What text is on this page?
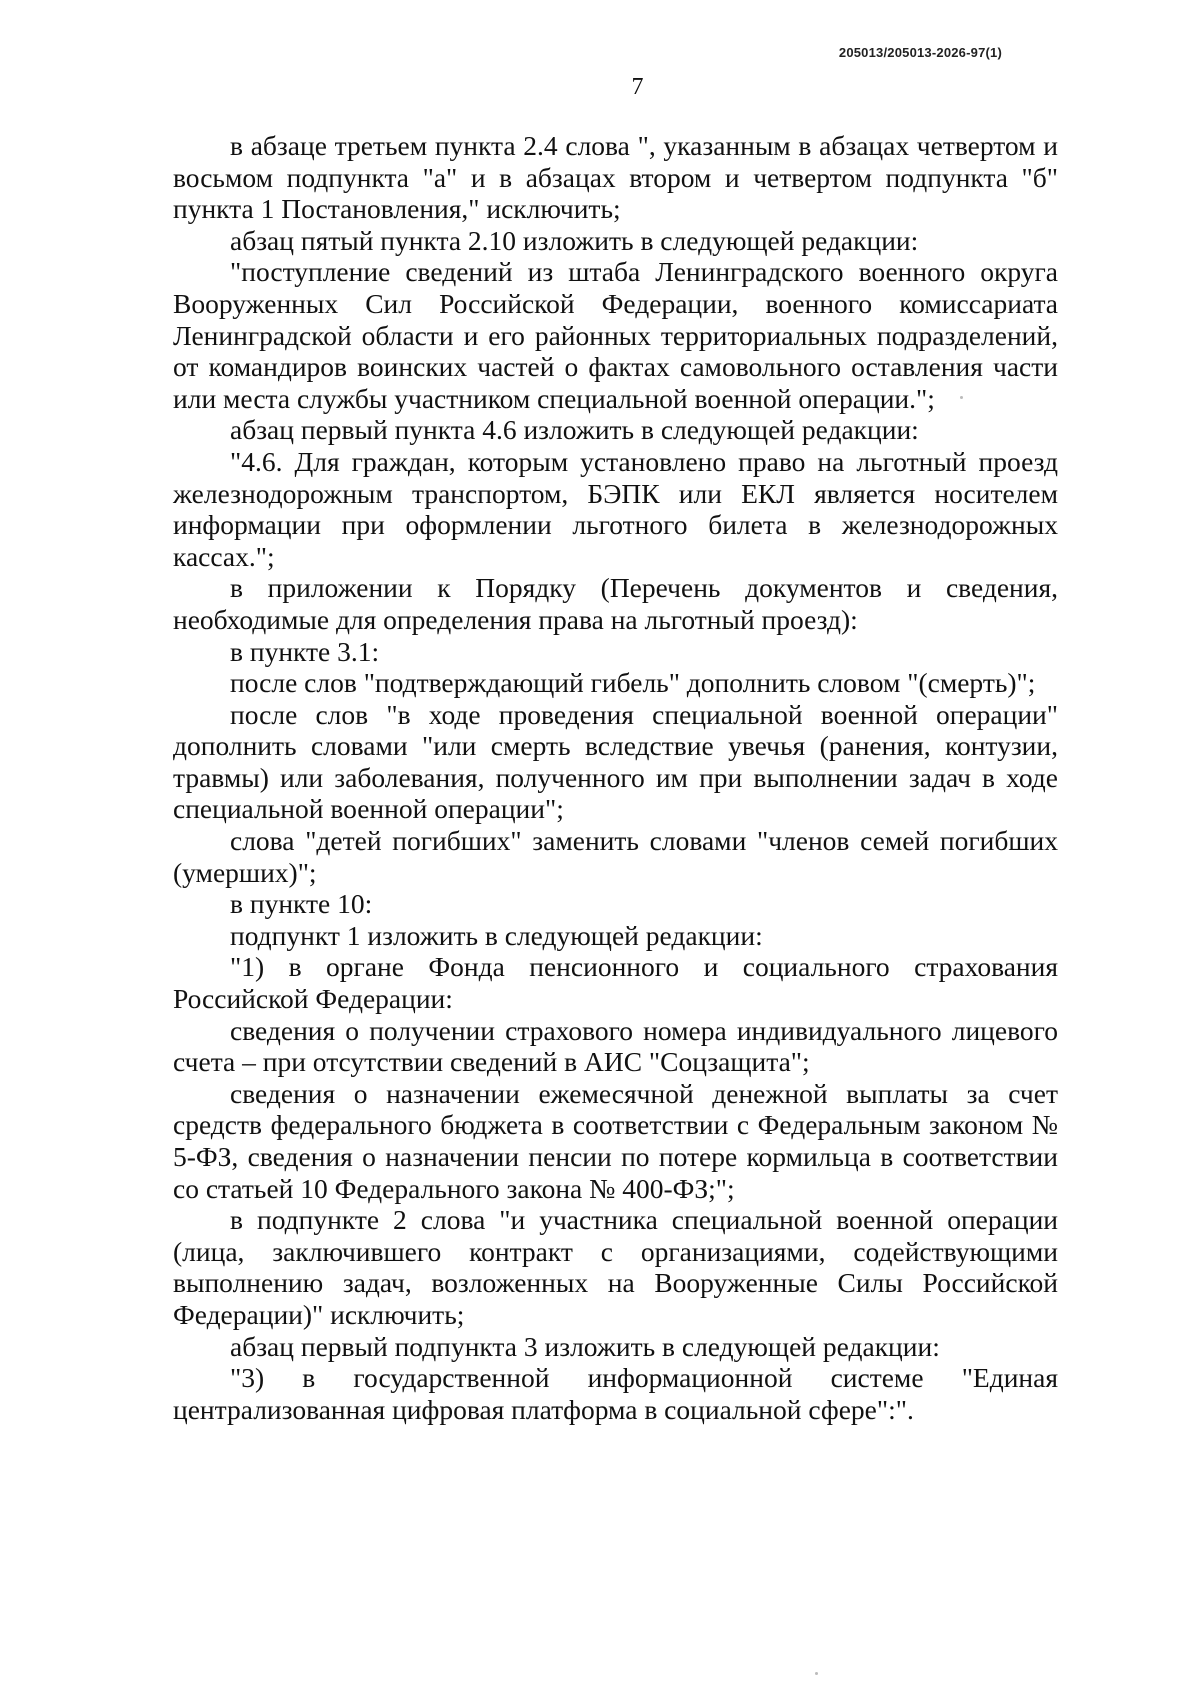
205013/205013-2026-97(1)
7

в абзаце третьем пункта 2.4 слова ", указанным в абзацах четвертом и восьмом подпункта "а" и в абзацах втором и четвертом подпункта "б" пункта 1 Постановления," исключить;

абзац пятый пункта 2.10 изложить в следующей редакции:

"поступление сведений из штаба Ленинградского военного округа Вооруженных Сил Российской Федерации, военного комиссариата Ленинградской области и его районных территориальных подразделений, от командиров воинских частей о фактах самовольного оставления части или места службы участником специальной военной операции.";

абзац первый пункта 4.6 изложить в следующей редакции:

"4.6. Для граждан, которым установлено право на льготный проезд железнодорожным транспортом, БЭПК или ЕКЛ является носителем информации при оформлении льготного билета в железнодорожных кассах.";

в приложении к Порядку (Перечень документов и сведения, необходимые для определения права на льготный проезд):

в пункте 3.1:

после слов "подтверждающий гибель" дополнить словом "(смерть)";

после слов "в ходе проведения специальной военной операции" дополнить словами "или смерть вследствие увечья (ранения, контузии, травмы) или заболевания, полученного им при выполнении задач в ходе специальной военной операции";

слова "детей погибших" заменить словами "членов семей погибших (умерших)";

в пункте 10:

подпункт 1 изложить в следующей редакции:

"1) в органе Фонда пенсионного и социального страхования Российской Федерации:

сведения о получении страхового номера индивидуального лицевого счета – при отсутствии сведений в АИС "Соцзащита";

сведения о назначении ежемесячной денежной выплаты за счет средств федерального бюджета в соответствии с Федеральным законом № 5-ФЗ, сведения о назначении пенсии по потере кормильца в соответствии со статьей 10 Федерального закона № 400-ФЗ;";

в подпункте 2 слова "и участника специальной военной операции (лица, заключившего контракт с организациями, содействующими выполнению задач, возложенных на Вооруженные Силы Российской Федерации)" исключить;

абзац первый подпункта 3 изложить в следующей редакции:

"3) в государственной информационной системе "Единая централизованная цифровая платформа в социальной сфере":".
